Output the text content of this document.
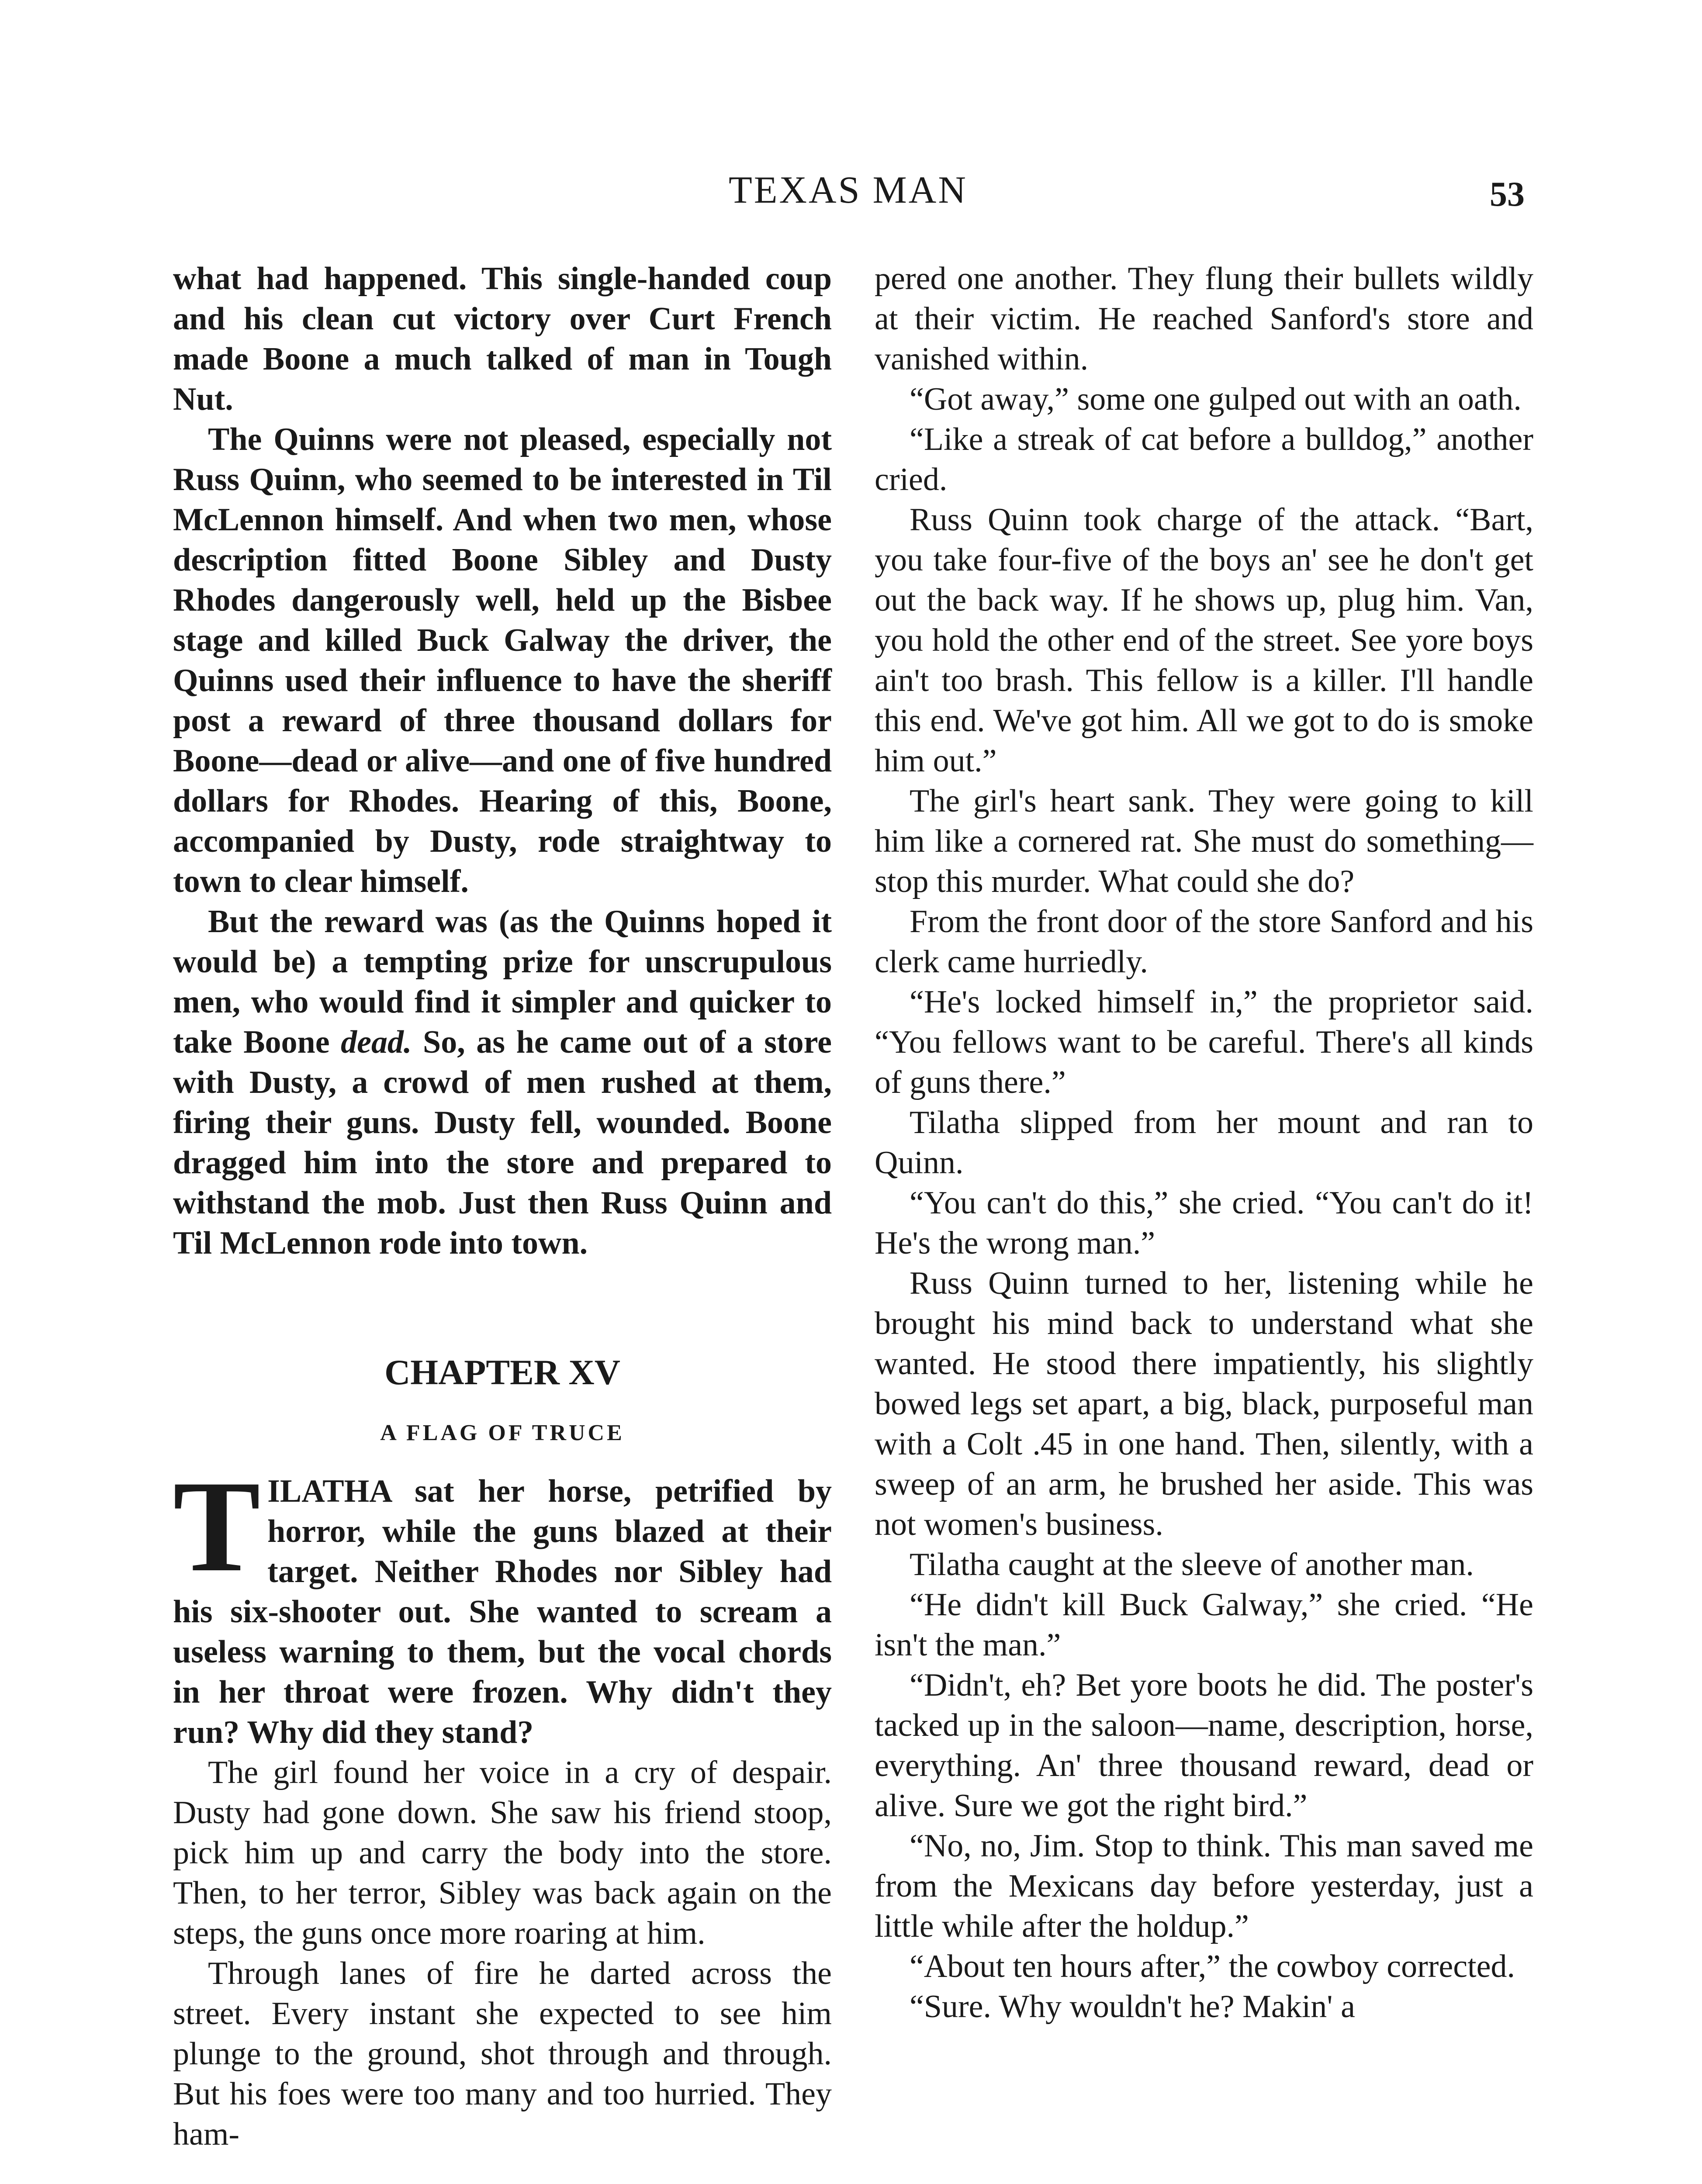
TEXAS MAN	53

what had happened. This single-handed coup and his clean cut victory over Curt French made Boone a much talked of man in Tough Nut.

The Quinns were not pleased, especially not Russ Quinn, who seemed to be interested in Til McLennon himself. And when two men, whose description fitted Boone Sibley and Dusty Rhodes dangerously well, held up the Bisbee stage and killed Buck Galway the driver, the Quinns used their influence to have the sheriff post a reward of three thousand dollars for Boone—dead or alive—and one of five hundred dollars for Rhodes. Hearing of this, Boone, accompanied by Dusty, rode straightway to town to clear himself.

But the reward was (as the Quinns hoped it would be) a tempting prize for unscrupulous men, who would find it simpler and quicker to take Boone dead. So, as he came out of a store with Dusty, a crowd of men rushed at them, firing their guns. Dusty fell, wounded. Boone dragged him into the store and prepared to withstand the mob. Just then Russ Quinn and Til McLennon rode into town.

CHAPTER XV
A FLAG OF TRUCE

TILATHA sat her horse, petrified by horror, while the guns blazed at their target. Neither Rhodes nor Sibley had his six-shooter out. She wanted to scream a useless warning to them, but the vocal chords in her throat were frozen. Why didn't they run? Why did they stand?

The girl found her voice in a cry of despair. Dusty had gone down. She saw his friend stoop, pick him up and carry the body into the store. Then, to her terror, Sibley was back again on the steps, the guns once more roaring at him.

Through lanes of fire he darted across the street. Every instant she expected to see him plunge to the ground, shot through and through. But his foes were too many and too hurried. They ham-

pered one another. They flung their bullets wildly at their victim. He reached Sanford's store and vanished within.

“Got away,” some one gulped out with an oath.

“Like a streak of cat before a bulldog,” another cried.

Russ Quinn took charge of the attack. “Bart, you take four-five of the boys an' see he don't get out the back way. If he shows up, plug him. Van, you hold the other end of the street. See yore boys ain't too brash. This fellow is a killer. I'll handle this end. We've got him. All we got to do is smoke him out.”

The girl's heart sank. They were going to kill him like a cornered rat. She must do something—stop this murder. What could she do?

From the front door of the store Sanford and his clerk came hurriedly.

“He's locked himself in,” the proprietor said. “You fellows want to be careful. There's all kinds of guns there.”

Tilatha slipped from her mount and ran to Quinn.

“You can't do this,” she cried. “You can't do it! He's the wrong man.”

Russ Quinn turned to her, listening while he brought his mind back to understand what she wanted. He stood there impatiently, his slightly bowed legs set apart, a big, black, purposeful man with a Colt .45 in one hand. Then, silently, with a sweep of an arm, he brushed her aside. This was not women's business.

Tilatha caught at the sleeve of another man.

“He didn't kill Buck Galway,” she cried. “He isn't the man.”

“Didn't, eh? Bet yore boots he did. The poster's tacked up in the saloon—name, description, horse, everything. An' three thousand reward, dead or alive. Sure we got the right bird.”

“No, no, Jim. Stop to think. This man saved me from the Mexicans day before yesterday, just a little while after the holdup.”

“About ten hours after,” the cowboy corrected.

“Sure. Why wouldn't he? Makin' a
